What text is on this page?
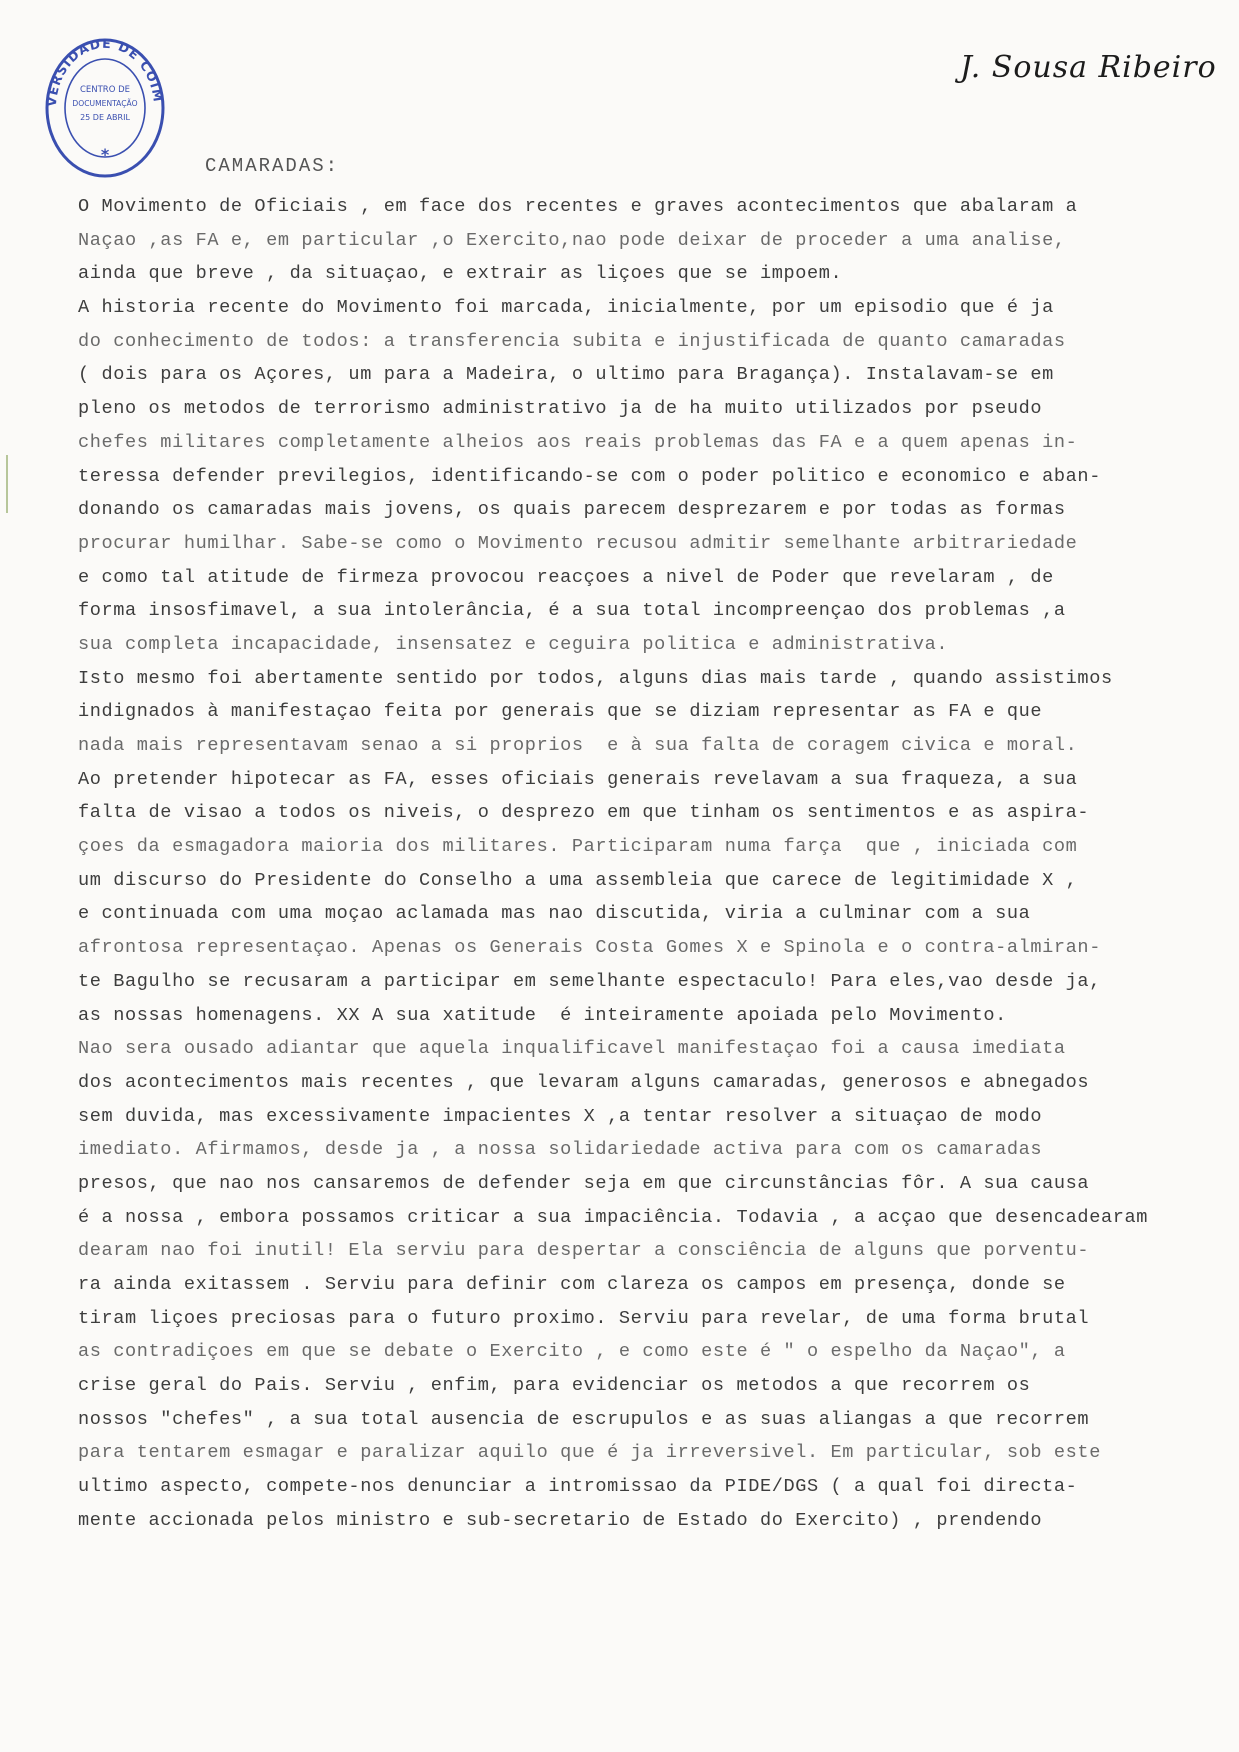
VERSIDADE DE COIM
CENTRO DE
DOCUMENTAÇÃO
25 DE ABRIL
*
J. Sousa Ribeiro
CAMARADAS:
O Movimento de Oficiais , em face dos recentes e graves acontecimentos que abalaram a
Naçao ,as FA e, em particular ,o Exercito,nao pode deixar de proceder a uma analise,
ainda que breve , da situaçao, e extrair as liçoes que se impoem.
A historia recente do Movimento foi marcada, inicialmente, por um episodio que é ja
do conhecimento de todos: a transferencia subita e injustificada de quanto camaradas
( dois para os Açores, um para a Madeira, o ultimo para Bragança). Instalavam-se em
pleno os metodos de terrorismo administrativo ja de ha muito utilizados por pseudo
chefes militares completamente alheios aos reais problemas das FA e a quem apenas in-
teressa defender previlegios, identificando-se com o poder politico e economico e aban-
donando os camaradas mais jovens, os quais parecem desprezarem e por todas as formas
procurar humilhar. Sabe-se como o Movimento recusou admitir semelhante arbitrariedade
e como tal atitude de firmeza provocou reacçoes a nivel de Poder que revelaram , de
forma insosfimavel, a sua intolerância, é a sua total incompreençao dos problemas ,a
sua completa incapacidade, insensatez e ceguira politica e administrativa.
Isto mesmo foi abertamente sentido por todos, alguns dias mais tarde , quando assistimos
indignados à manifestaçao feita por generais que se diziam representar as FA e que
nada mais representavam senao a si proprios  e à sua falta de coragem civica e moral.
Ao pretender hipotecar as FA, esses oficiais generais revelavam a sua fraqueza, a sua
falta de visao a todos os niveis, o desprezo em que tinham os sentimentos e as aspira-
çoes da esmagadora maioria dos militares. Participaram numa farça  que , iniciada com
um discurso do Presidente do Conselho a uma assembleia que carece de legitimidade X ,
e continuada com uma moçao aclamada mas nao discutida, viria a culminar com a sua
afrontosa representaçao. Apenas os Generais Costa Gomes X e Spinola e o contra-almiran-
te Bagulho se recusaram a participar em semelhante espectaculo! Para eles,vao desde ja,
as nossas homenagens. XX A sua xatitude  é inteiramente apoiada pelo Movimento.
Nao sera ousado adiantar que aquela inqualificavel manifestaçao foi a causa imediata
dos acontecimentos mais recentes , que levaram alguns camaradas, generosos e abnegados
sem duvida, mas excessivamente impacientes X ,a tentar resolver a situaçao de modo
imediato. Afirmamos, desde ja , a nossa solidariedade activa para com os camaradas
presos, que nao nos cansaremos de defender seja em que circunstâncias fôr. A sua causa
é a nossa , embora possamos criticar a sua impaciência. Todavia , a acçao que desencadearam
dearam nao foi inutil! Ela serviu para despertar a consciência de alguns que porventu-
ra ainda exitassem . Serviu para definir com clareza os campos em presença, donde se
tiram liçoes preciosas para o futuro proximo. Serviu para revelar, de uma forma brutal
as contradiçoes em que se debate o Exercito , e como este é " o espelho da Naçao", a
crise geral do Pais. Serviu , enfim, para evidenciar os metodos a que recorrem os
nossos "chefes" , a sua total ausencia de escrupulos e as suas aliangas a que recorrem
para tentarem esmagar e paralizar aquilo que é ja irreversivel. Em particular, sob este
ultimo aspecto, compete-nos denunciar a intromissao da PIDE/DGS ( a qual foi directa-
mente accionada pelos ministro e sub-secretario de Estado do Exercito) , prendendo
